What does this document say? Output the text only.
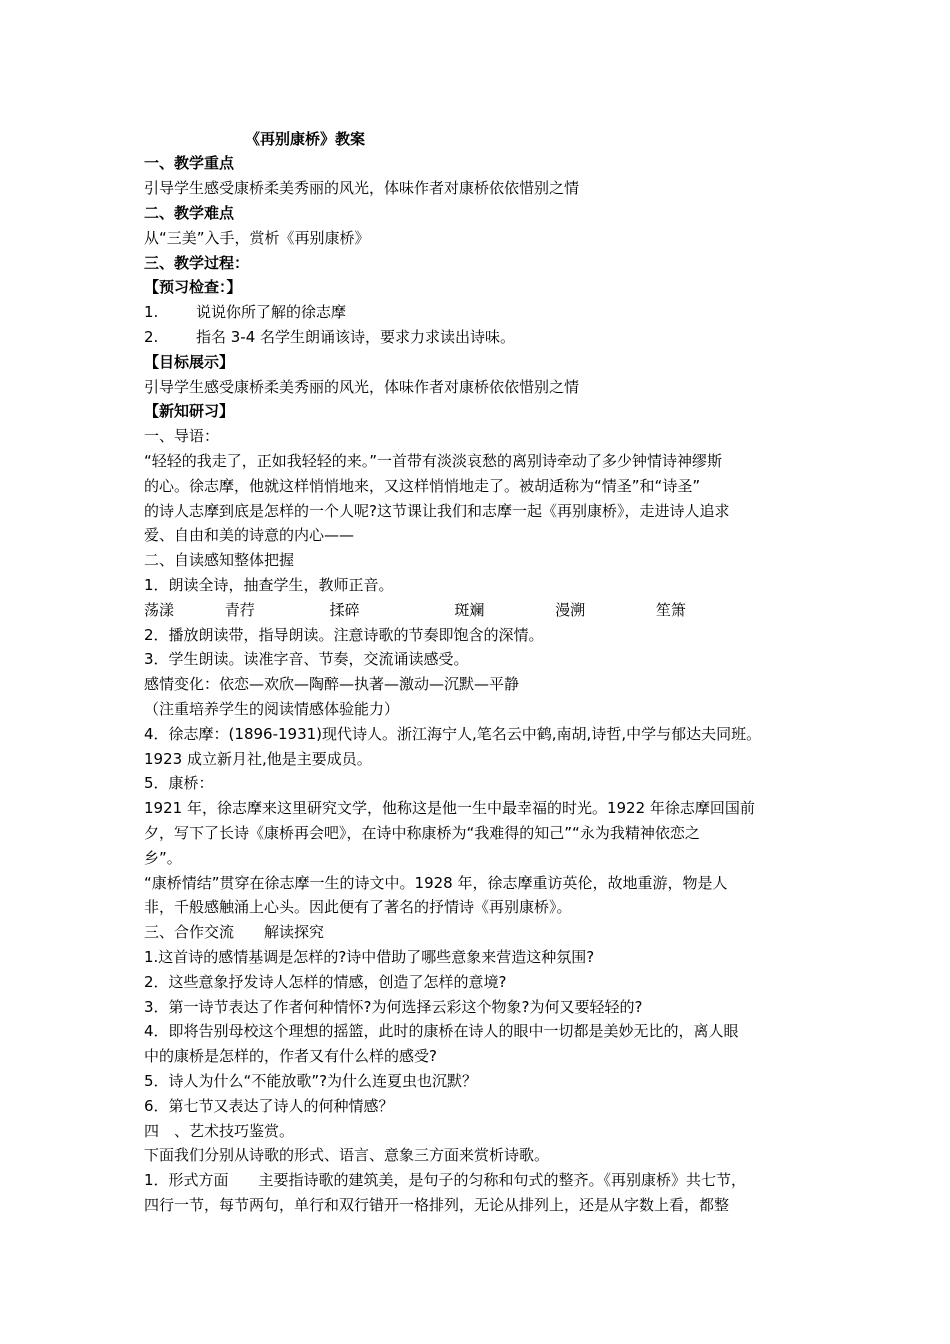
《再别康桥》教案
一、教学重点
引导学生感受康桥柔美秀丽的风光，体味作者对康桥依依惜别之情
二、教学难点
从“三美”入手，赏析《再别康桥》
三、教学过程：
【预习检查：】
1.	说说你所了解的徐志摩
2.	指名 3-4 名学生朗诵该诗，要求力求读出诗味。
【目标展示】
引导学生感受康桥柔美秀丽的风光，体味作者对康桥依依惜别之情
【新知研习】
一、导语：
“轻轻的我走了，正如我轻轻的来。”一首带有淡淡哀愁的离别诗牵动了多少钟情诗神缪斯
的心。徐志摩，他就这样悄悄地来，又这样悄悄地走了。被胡适称为“情圣”和“诗圣”
的诗人志摩到底是怎样的一个人呢?这节课让我们和志摩一起《再别康桥》，走进诗人追求
爱、自由和美的诗意的内心——
二、自读感知整体把握
1．朗读全诗，抽查学生，教师正音。
荡漾	青荇	揉碎	斑斓	漫溯	笙箫
2．播放朗读带，指导朗读。注意诗歌的节奏即饱含的深情。
3．学生朗读。读准字音、节奏，交流诵读感受。
感情变化：依恋—欢欣—陶醉—执著—激动—沉默—平静
（注重培养学生的阅读情感体验能力）
4．徐志摩：(1896-1931)现代诗人。浙江海宁人,笔名云中鹤,南胡,诗哲,中学与郁达夫同班。
1923 成立新月社,他是主要成员。
5．康桥：
1921 年，徐志摩来这里研究文学，他称这是他一生中最幸福的时光。1922 年徐志摩回国前
夕，写下了长诗《康桥再会吧》，在诗中称康桥为“我难得的知己”“永为我精神依恋之
乡”。
“康桥情结”贯穿在徐志摩一生的诗文中。1928 年，徐志摩重访英伦，故地重游，物是人
非，千般感触涌上心头。因此便有了著名的抒情诗《再别康桥》。
三、合作交流　　解读探究
1.这首诗的感情基调是怎样的?诗中借助了哪些意象来营造这种氛围?
2．这些意象抒发诗人怎样的情感，创造了怎样的意境?
3．第一诗节表达了作者何种情怀?为何选择云彩这个物象?为何又要轻轻的?
4．即将告别母校这个理想的摇篮，此时的康桥在诗人的眼中一切都是美妙无比的，离人眼
中的康桥是怎样的，作者又有什么样的感受?
5．诗人为什么“不能放歌”?为什么连夏虫也沉默？
6．第七节又表达了诗人的何种情感？
四　、艺术技巧鉴赏。
下面我们分别从诗歌的形式、语言、意象三方面来赏析诗歌。
1．形式方面　　主要指诗歌的建筑美，是句子的匀称和句式的整齐。《再别康桥》共七节，
四行一节，每节两句，单行和双行错开一格排列，无论从排列上，还是从字数上看，都整
